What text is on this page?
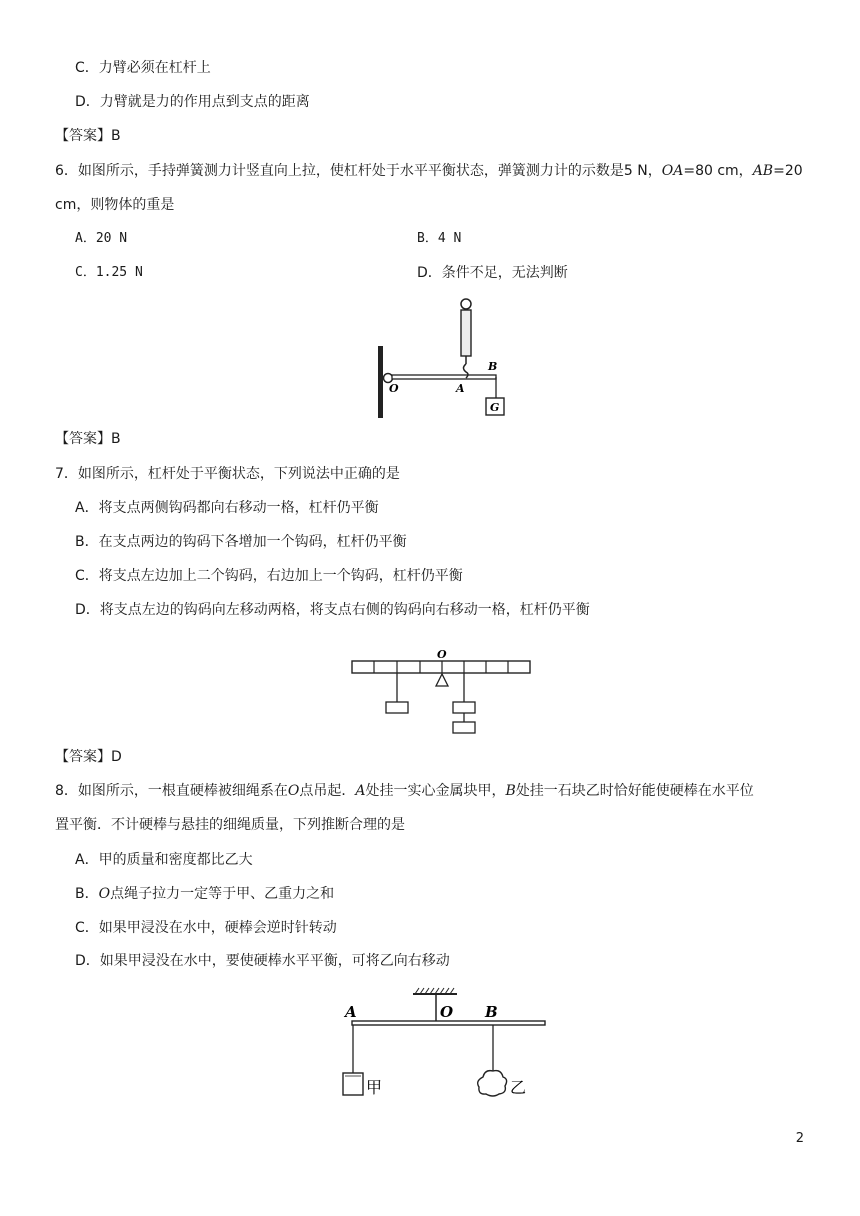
C．力臂必须在杠杆上
D．力臂就是力的作用点到支点的距离
【答案】B
6．如图所示，手持弹簧测力计竖直向上拉，使杠杆处于水平平衡状态，弹簧测力计的示数是5 N，OA=80 cm，AB=20
cm，则物体的重是
A．20 N	B．4 N
C．1.25 N	D．条件不足，无法判断
O	A
B
G
【答案】B
7．如图所示，杠杆处于平衡状态，下列说法中正确的是
A．将支点两侧钩码都向右移动一格，杠杆仍平衡
B．在支点两边的钩码下各增加一个钩码，杠杆仍平衡
C．将支点左边加上二个钩码，右边加上一个钩码，杠杆仍平衡
D．将支点左边的钩码向左移动两格，将支点右侧的钩码向右移动一格，杠杆仍平衡
O
【答案】D
8．如图所示，一根直硬棒被细绳系在O点吊起．A处挂一实心金属块甲，B处挂一石块乙时恰好能使硬棒在水平位
置平衡．不计硬棒与悬挂的细绳质量，下列推断合理的是
A．甲的质量和密度都比乙大
B．O点绳子拉力一定等于甲、乙重力之和
C．如果甲浸没在水中，硬棒会逆时针转动
D．如果甲浸没在水中，要使硬棒水平平衡，可将乙向右移动
A	O B
甲	乙
2
